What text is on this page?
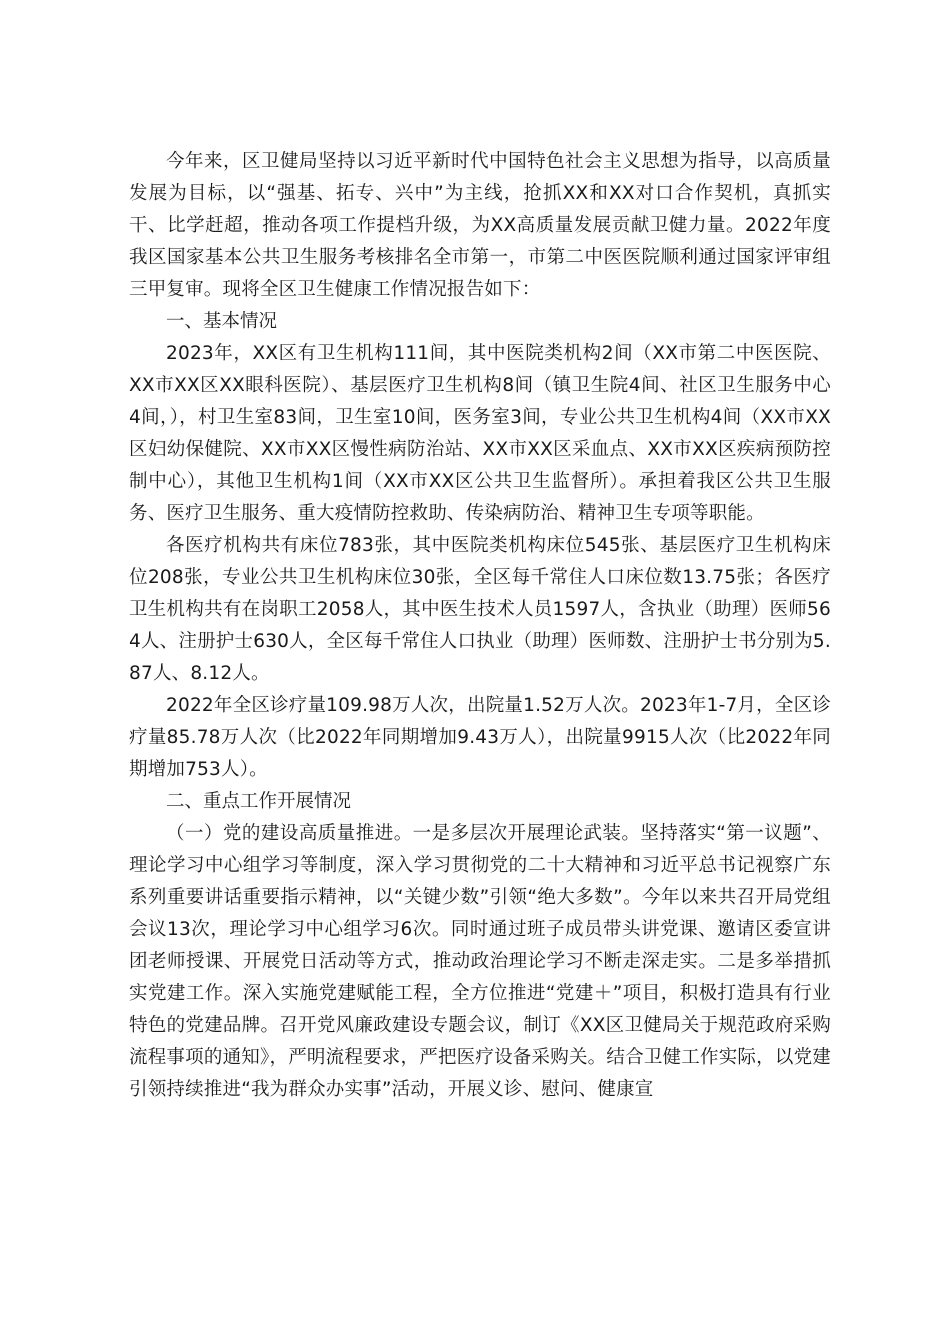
今年来，区卫健局坚持以习近平新时代中国特色社会主义思想为指导，以高质量发展为目标，以“强基、拓专、兴中”为主线，抢抓XX和XX对口合作契机，真抓实干、比学赶超，推动各项工作提档升级，为XX高质量发展贡献卫健力量。2022年度我区国家基本公共卫生服务考核排名全市第一，市第二中医医院顺利通过国家评审组三甲复审。现将全区卫生健康工作情况报告如下：

一、基本情况

2023年，XX区有卫生机构111间，其中医院类机构2间（XX市第二中医医院、XX市XX区XX眼科医院）、基层医疗卫生机构8间（镇卫生院4间、社区卫生服务中心4间，），村卫生室83间，卫生室10间，医务室3间，专业公共卫生机构4间（XX市XX区妇幼保健院、XX市XX区慢性病防治站、XX市XX区采血点、XX市XX区疾病预防控制中心），其他卫生机构1间（XX市XX区公共卫生监督所）。承担着我区公共卫生服务、医疗卫生服务、重大疫情防控救助、传染病防治、精神卫生专项等职能。

各医疗机构共有床位783张，其中医院类机构床位545张、基层医疗卫生机构床位208张，专业公共卫生机构床位30张，全区每千常住人口床位数13.75张；各医疗卫生机构共有在岗职工2058人，其中医生技术人员1597人，含执业（助理）医师564人、注册护士630人，全区每千常住人口执业（助理）医师数、注册护士书分别为5.87人、8.12人。

2022年全区诊疗量109.98万人次，出院量1.52万人次。2023年1-7月，全区诊疗量85.78万人次（比2022年同期增加9.43万人），出院量9915人次（比2022年同期增加753人）。

二、重点工作开展情况

（一）党的建设高质量推进。一是多层次开展理论武装。坚持落实“第一议题”、理论学习中心组学习等制度，深入学习贯彻党的二十大精神和习近平总书记视察广东系列重要讲话重要指示精神，以“关键少数”引领“绝大多数”。今年以来共召开局党组会议13次，理论学习中心组学习6次。同时通过班子成员带头讲党课、邀请区委宣讲团老师授课、开展党日活动等方式，推动政治理论学习不断走深走实。二是多举措抓实党建工作。深入实施党建赋能工程，全方位推进“党建＋”项目，积极打造具有行业特色的党建品牌。召开党风廉政建设专题会议，制订《XX区卫健局关于规范政府采购流程事项的通知》，严明流程要求，严把医疗设备采购关。结合卫健工作实际，以党建引领持续推进“我为群众办实事”活动，开展义诊、慰问、健康宣
